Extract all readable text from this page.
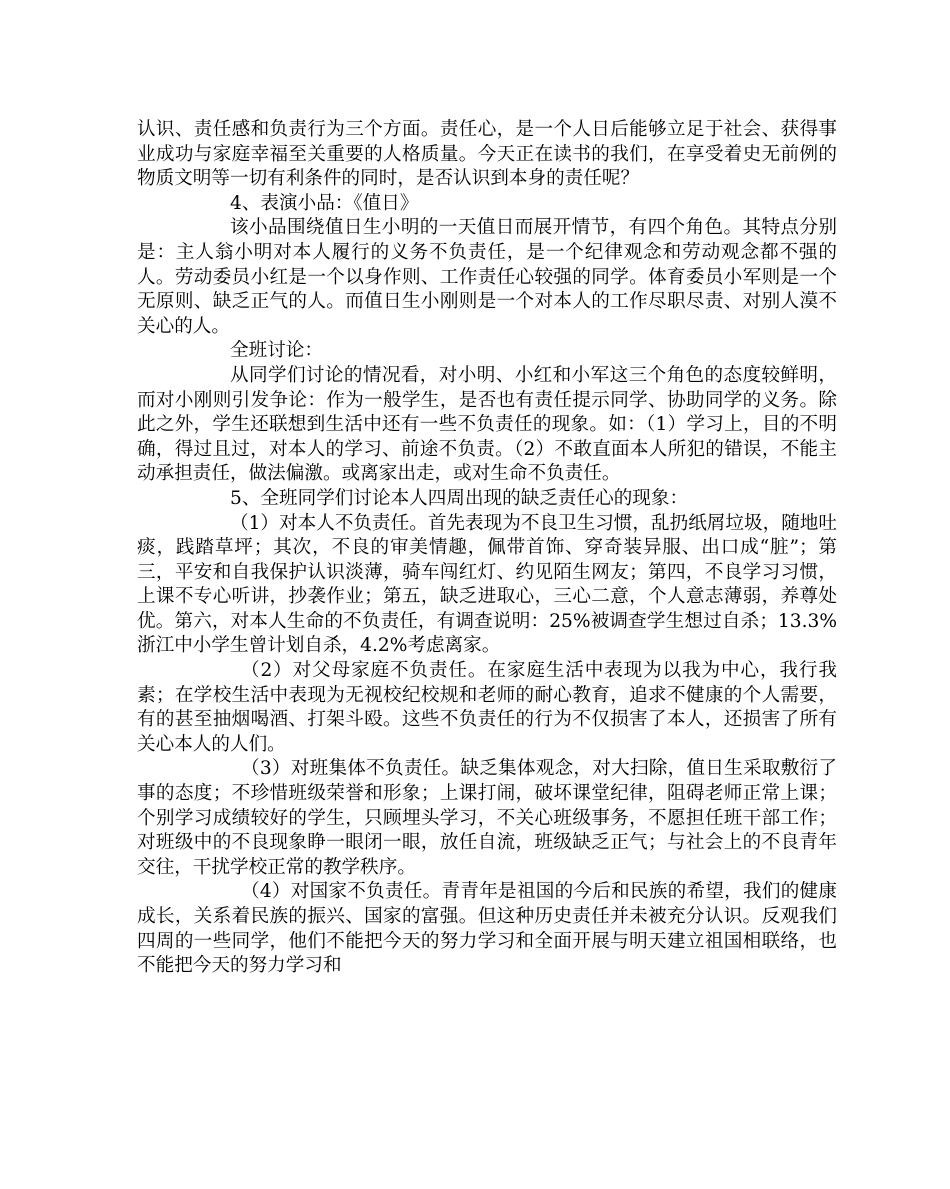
认识、责任感和负责行为三个方面。责任心，是一个人日后能够立足于社会、获得事业成功与家庭幸福至关重要的人格质量。今天正在读书的我们，在享受着史无前例的物质文明等一切有利条件的同时，是否认识到本身的责任呢？

4、表演小品：《值日》

该小品围绕值日生小明的一天值日而展开情节，有四个角色。其特点分别是：主人翁小明对本人履行的义务不负责任，是一个纪律观念和劳动观念都不强的人。劳动委员小红是一个以身作则、工作责任心较强的同学。体育委员小军则是一个无原则、缺乏正气的人。而值日生小刚则是一个对本人的工作尽职尽责、对别人漠不关心的人。

全班讨论：

从同学们讨论的情况看，对小明、小红和小军这三个角色的态度较鲜明，而对小刚则引发争论：作为一般学生，是否也有责任提示同学、协助同学的义务。除此之外，学生还联想到生活中还有一些不负责任的现象。如：（1）学习上，目的不明确，得过且过，对本人的学习、前途不负责。（2）不敢直面本人所犯的错误，不能主动承担责任，做法偏激。或离家出走，或对生命不负责任。

5、全班同学们讨论本人四周出现的缺乏责任心的现象：

（1）对本人不负责任。首先表现为不良卫生习惯，乱扔纸屑垃圾，随地吐痰，践踏草坪；其次，不良的审美情趣，佩带首饰、穿奇装异服、出口成“脏”；第三，平安和自我保护认识淡薄，骑车闯红灯、约见陌生网友；第四，不良学习习惯，上课不专心听讲，抄袭作业；第五，缺乏进取心，三心二意，个人意志薄弱，养尊处优。第六，对本人生命的不负责任，有调查说明：25%被调查学生想过自杀；13.3%浙江中小学生曾计划自杀，4.2%考虑离家。

（2）对父母家庭不负责任。在家庭生活中表现为以我为中心，我行我素；在学校生活中表现为无视校纪校规和老师的耐心教育，追求不健康的个人需要，有的甚至抽烟喝酒、打架斗殴。这些不负责任的行为不仅损害了本人，还损害了所有关心本人的人们。

（3）对班集体不负责任。缺乏集体观念，对大扫除，值日生采取敷衍了事的态度；不珍惜班级荣誉和形象；上课打闹，破坏课堂纪律，阻碍老师正常上课；个别学习成绩较好的学生，只顾埋头学习，不关心班级事务，不愿担任班干部工作；对班级中的不良现象睁一眼闭一眼，放任自流，班级缺乏正气；与社会上的不良青年交往，干扰学校正常的教学秩序。

（4）对国家不负责任。青青年是祖国的今后和民族的希望，我们的健康成长，关系着民族的振兴、国家的富强。但这种历史责任并未被充分认识。反观我们四周的一些同学，他们不能把今天的努力学习和全面开展与明天建立祖国相联络，也不能把今天的努力学习和
